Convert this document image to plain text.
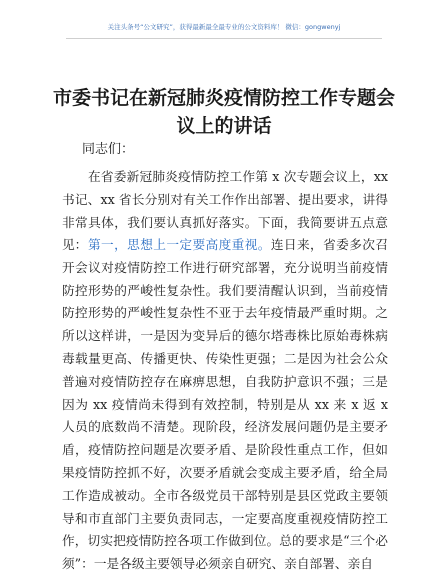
关注头条号“公文研究”，获得最新最全最专业的公文资料库！ 微信：gongwenyj
市委书记在新冠肺炎疫情防控工作专题会议上的讲话
同志们：

在省委新冠肺炎疫情防控工作第 x 次专题会议上，xx 书记、xx 省长分别对有关工作作出部署、提出要求，讲得非常具体，我们要认真抓好落实。下面，我简要讲五点意见： 第一，思想上一定要高度重视。连日来，省委多次召开会议对疫情防控工作进行研究部署，充分说明当前疫情防控形势的严峻性复杂性。我们要清醒认识到，当前疫情防控形势的严峻性复杂性不亚于去年疫情最严重时期。之所以这样讲，一是因为变异后的德尔塔毒株比原始毒株病毒载量更高、传播更快、传染性更强；二是因为社会公众普遍对疫情防控存在麻痹思想，自我防护意识不强；三是因为 xx 疫情尚未得到有效控制，特别是从 xx 来 x 返 x 人员的底数尚不清楚。现阶段，经济发展问题仍是主要矛盾，疫情防控问题是次要矛盾、是阶段性重点工作，但如果疫情防控抓不好，次要矛盾就会变成主要矛盾，给全局工作造成被动。全市各级党员干部特别是县区党政主要领导和市直部门主要负责同志，一定要高度重视疫情防控工作，切实把疫情防控各项工作做到位。总的要求是“三个必须”：一是各级主要领导必须亲自研究、亲自部署、亲自
